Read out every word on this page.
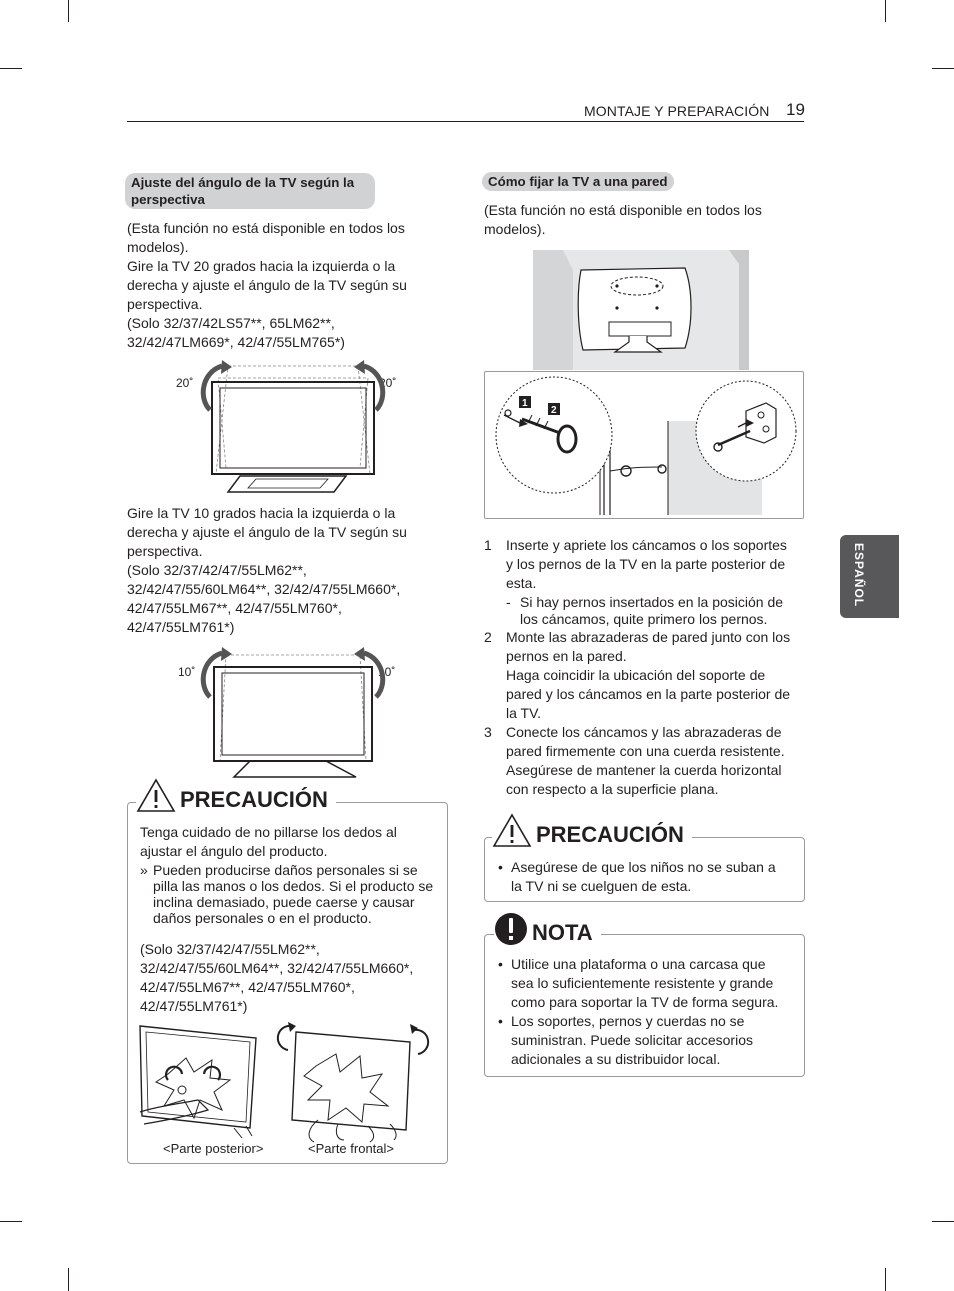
MONTAJE Y PREPARACIÓN 19
ESPAÑOL
Ajuste del ángulo de la TV según la perspectiva

(Esta función no está disponible en todos los

modelos).

Gire la TV 20 grados hacia la izquierda o la

derecha y ajuste el ángulo de la TV según su

perspectiva.

(Solo 32/37/42LS57**, 65LM62**,

32/42/47LM669*, 42/47/55LM765*)

20˚	20˚

Gire la TV 10 grados hacia la izquierda o la

derecha y ajuste el ángulo de la TV según su

perspectiva.

(Solo 32/37/42/47/55LM62**,

32/42/47/55/60LM64**, 32/42/47/55LM660*,

42/47/55LM67**, 42/47/55LM760*,

42/47/55LM761*)

10˚	10˚
PRECAUCIÓN

Tenga cuidado de no pillarse los dedos al

ajustar el ángulo del producto.

» Pueden producirse daños personales si se
pilla las manos o los dedos. Si el producto se
inclina demasiado, puede caerse y causar
daños personales o en el producto.

(Solo 32/37/42/47/55LM62**,

32/42/47/55/60LM64**, 32/42/47/55LM660*,

42/47/55LM67**, 42/47/55LM760*,

42/47/55LM761*)

<Parte posterior>	<Parte frontal>
Cómo fijar la TV a una pared

(Esta función no está disponible en todos los

modelos).

1
2
1 Inserte y apriete los cáncamos o los soportes
y los pernos de la TV en la parte posterior de
esta.
- Si hay pernos insertados en la posición de
los cáncamos, quite primero los pernos.
2 Monte las abrazaderas de pared junto con los
pernos en la pared.
Haga coincidir la ubicación del soporte de
pared y los cáncamos en la parte posterior de
la TV.
3 Conecte los cáncamos y las abrazaderas de
pared firmemente con una cuerda resistente.
Asegúrese de mantener la cuerda horizontal
con respecto a la superficie plana.
PRECAUCIÓN
• Asegúrese de que los niños no se suban a
la TV ni se cuelguen de esta.
NOTA
• Utilice una plataforma o una carcasa que
sea lo suficientemente resistente y grande
como para soportar la TV de forma segura.
• Los soportes, pernos y cuerdas no se
suministran. Puede solicitar accesorios
adicionales a su distribuidor local.
